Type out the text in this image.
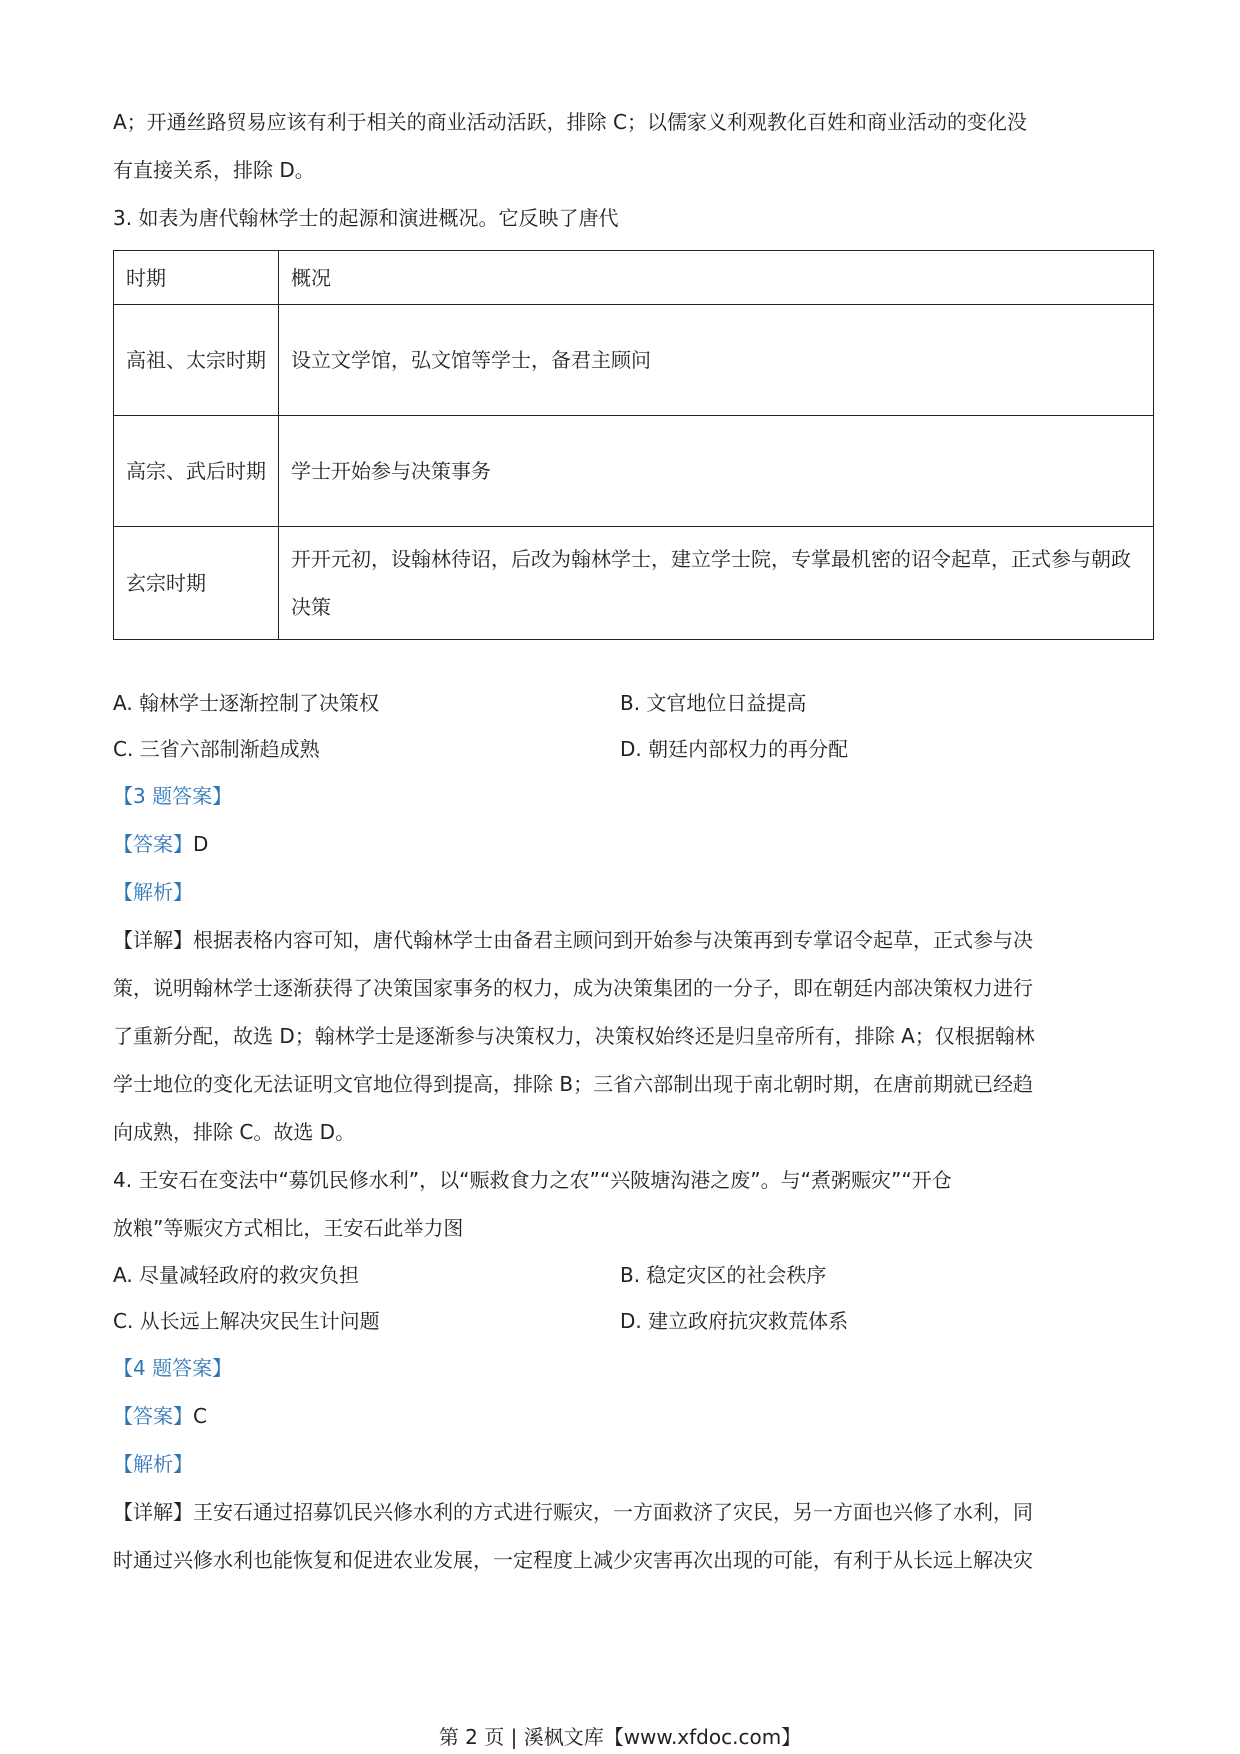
A；开通丝路贸易应该有利于相关的商业活动活跃，排除 C；以儒家义利观教化百姓和商业活动的变化没
有直接关系，排除 D。
3. 如表为唐代翰林学士的起源和演进概况。它反映了唐代
时期	概况
高祖、太宗时期	设立文学馆，弘文馆等学士，备君主顾问
高宗、武后时期	学士开始参与决策事务
玄宗时期	开开元初，设翰林待诏，后改为翰林学士，建立学士院，专掌最机密的诏令起草，正式参与朝政决策
A. 翰林学士逐渐控制了决策权	B. 文官地位日益提高
C. 三省六部制渐趋成熟	D. 朝廷内部权力的再分配
【3 题答案】
【答案】D
【解析】
【详解】根据表格内容可知，唐代翰林学士由备君主顾问到开始参与决策再到专掌诏令起草，正式参与决
策，说明翰林学士逐渐获得了决策国家事务的权力，成为决策集团的一分子，即在朝廷内部决策权力进行
了重新分配，故选 D；翰林学士是逐渐参与决策权力，决策权始终还是归皇帝所有，排除 A；仅根据翰林
学士地位的变化无法证明文官地位得到提高，排除 B；三省六部制出现于南北朝时期，在唐前期就已经趋
向成熟，排除 C。故选 D。
4. 王安石在变法中“募饥民修水利”，以“赈救食力之农”“兴陂塘沟港之废”。与“煮粥赈灾”“开仓
放粮”等赈灾方式相比，王安石此举力图
A. 尽量减轻政府的救灾负担	B. 稳定灾区的社会秩序
C. 从长远上解决灾民生计问题	D. 建立政府抗灾救荒体系
【4 题答案】
【答案】C
【解析】
【详解】王安石通过招募饥民兴修水利的方式进行赈灾，一方面救济了灾民，另一方面也兴修了水利，同
时通过兴修水利也能恢复和促进农业发展，一定程度上减少灾害再次出现的可能，有利于从长远上解决灾
第 2 页 | 溪枫文库【www.xfdoc.com】
